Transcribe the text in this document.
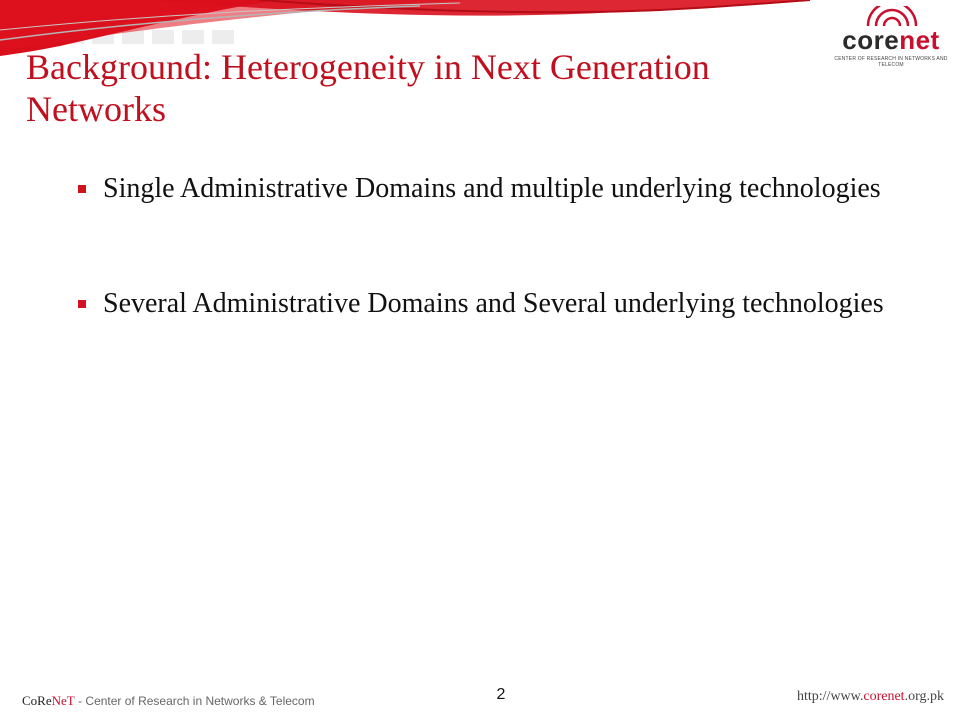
corenet
CENTER OF RESEARCH IN NETWORKS AND TELECOM
Background: Heterogeneity in Next Generation Networks
Single Administrative Domains and multiple underlying technologies
Several Administrative Domains and Several underlying technologies
CoReNeT - Center of Research in Networks & Telecom	2	http://www.corenet.org.pk
